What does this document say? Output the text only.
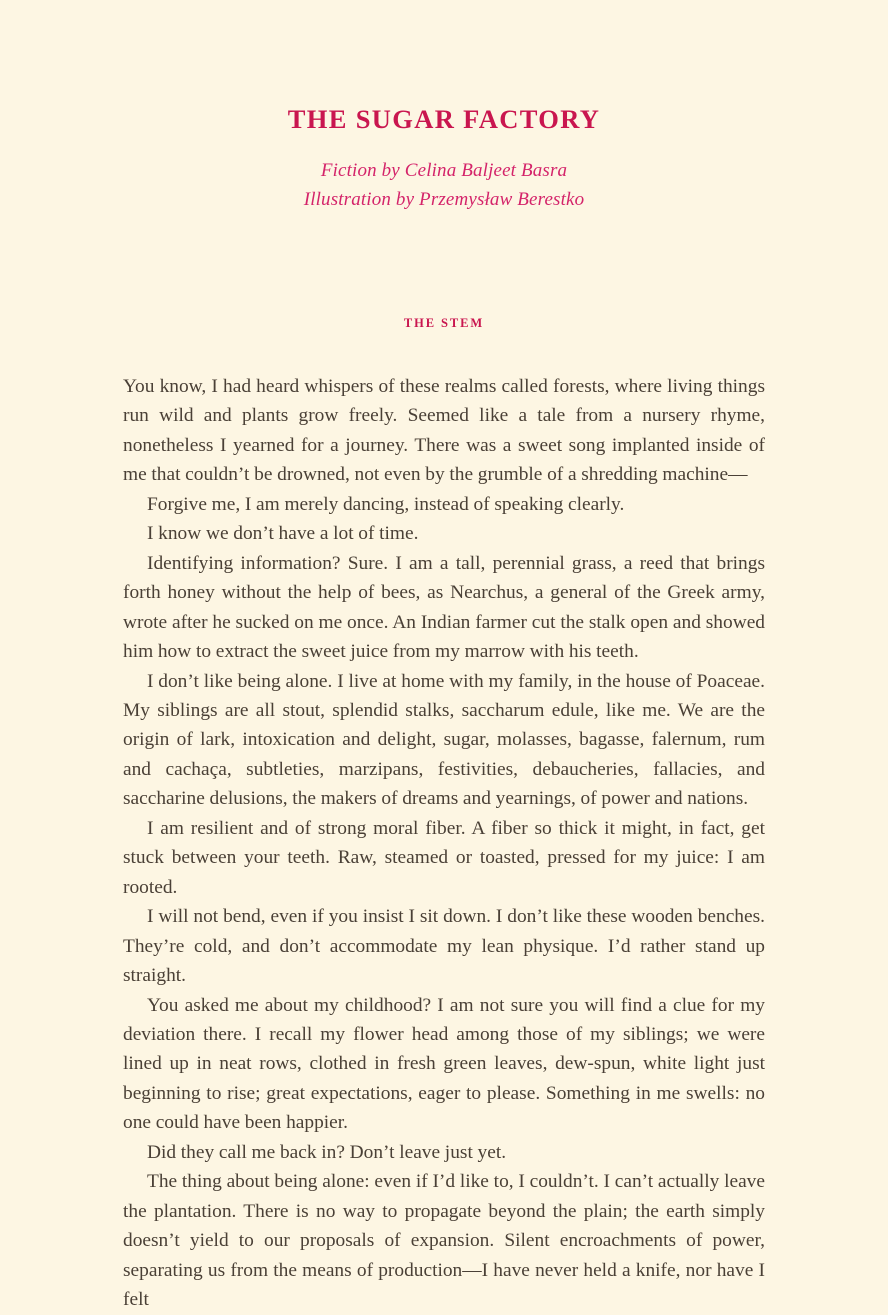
THE SUGAR FACTORY

Fiction by Celina Baljeet Basra

Illustration by Przemysław Berestko

THE STEM

You know, I had heard whispers of these realms called forests, where living things run wild and plants grow freely. Seemed like a tale from a nursery rhyme, nonetheless I yearned for a journey. There was a sweet song implanted inside of me that couldn’t be drowned, not even by the grumble of a shredding machine—

Forgive me, I am merely dancing, instead of speaking clearly.

I know we don’t have a lot of time.

Identifying information? Sure. I am a tall, perennial grass, a reed that brings forth honey without the help of bees, as Nearchus, a general of the Greek army, wrote after he sucked on me once. An Indian farmer cut the stalk open and showed him how to extract the sweet juice from my marrow with his teeth.

I don’t like being alone. I live at home with my family, in the house of Poaceae. My siblings are all stout, splendid stalks, saccharum edule, like me. We are the origin of lark, intoxication and delight, sugar, molasses, bagasse, falernum, rum and cachaça, subtleties, marzipans, festivities, debaucheries, fallacies, and saccharine delusions, the makers of dreams and yearnings, of power and nations.

I am resilient and of strong moral fiber. A fiber so thick it might, in fact, get stuck between your teeth. Raw, steamed or toasted, pressed for my juice: I am rooted.

I will not bend, even if you insist I sit down. I don’t like these wooden benches. They’re cold, and don’t accommodate my lean physique. I’d rather stand up straight.

You asked me about my childhood? I am not sure you will find a clue for my deviation there. I recall my flower head among those of my siblings; we were lined up in neat rows, clothed in fresh green leaves, dew-spun, white light just beginning to rise; great expectations, eager to please. Something in me swells: no one could have been happier.

Did they call me back in? Don’t leave just yet.

The thing about being alone: even if I’d like to, I couldn’t. I can’t actually leave the plantation. There is no way to propagate beyond the plain; the earth simply doesn’t yield to our proposals of expansion. Silent encroachments of power, separating us from the means of production—I have never held a knife, nor have I felt
